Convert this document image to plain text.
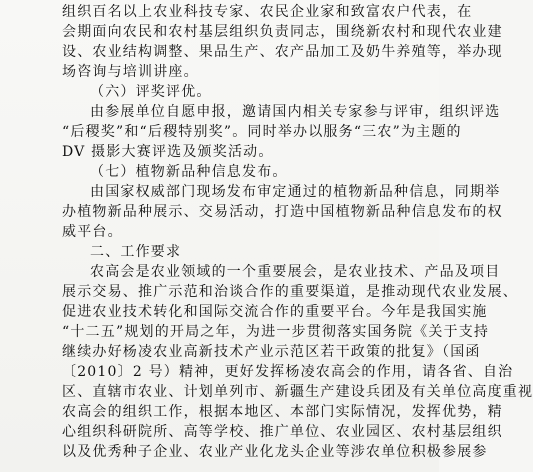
组织百名以上农业科技专家、农民企业家和致富农户代表，在
会期面向农民和农村基层组织负责同志，围绕新农村和现代农业建
设、农业结构调整、果品生产、农产品加工及奶牛养殖等，举办现
场咨询与培训讲座。
（六）评奖评优。
由参展单位自愿申报，邀请国内相关专家参与评审，组织评选
“后稷奖”和“后稷特别奖”。同时举办以服务“三农”为主题的
DV 摄影大赛评选及颁奖活动。
（七）植物新品种信息发布。
由国家权威部门现场发布审定通过的植物新品种信息，同期举
办植物新品种展示、交易活动，打造中国植物新品种信息发布的权
威平台。
二、工作要求
农高会是农业领域的一个重要展会，是农业技术、产品及项目
展示交易、推广示范和治谈合作的重要渠道，是推动现代农业发展、
促进农业技术转化和国际交流合作的重要平台。今年是我国实施
“十二五”规划的开局之年，为进一步贯彻落实国务院《关于支持
继续办好杨凌农业高新技术产业示范区若干政策的批复》（国函
〔2010〕2 号）精神，更好发挥杨凌农高会的作用，请各省、自治
区、直辖市农业、计划单列市、新疆生产建设兵团及有关单位高度重视
农高会的组织工作，根据本地区、本部门实际情况，发挥优势，精
心组织科研院所、高等学校、推广单位、农业园区、农村基层组织
以及优秀种子企业、农业产业化龙头企业等涉农单位积极参展参
